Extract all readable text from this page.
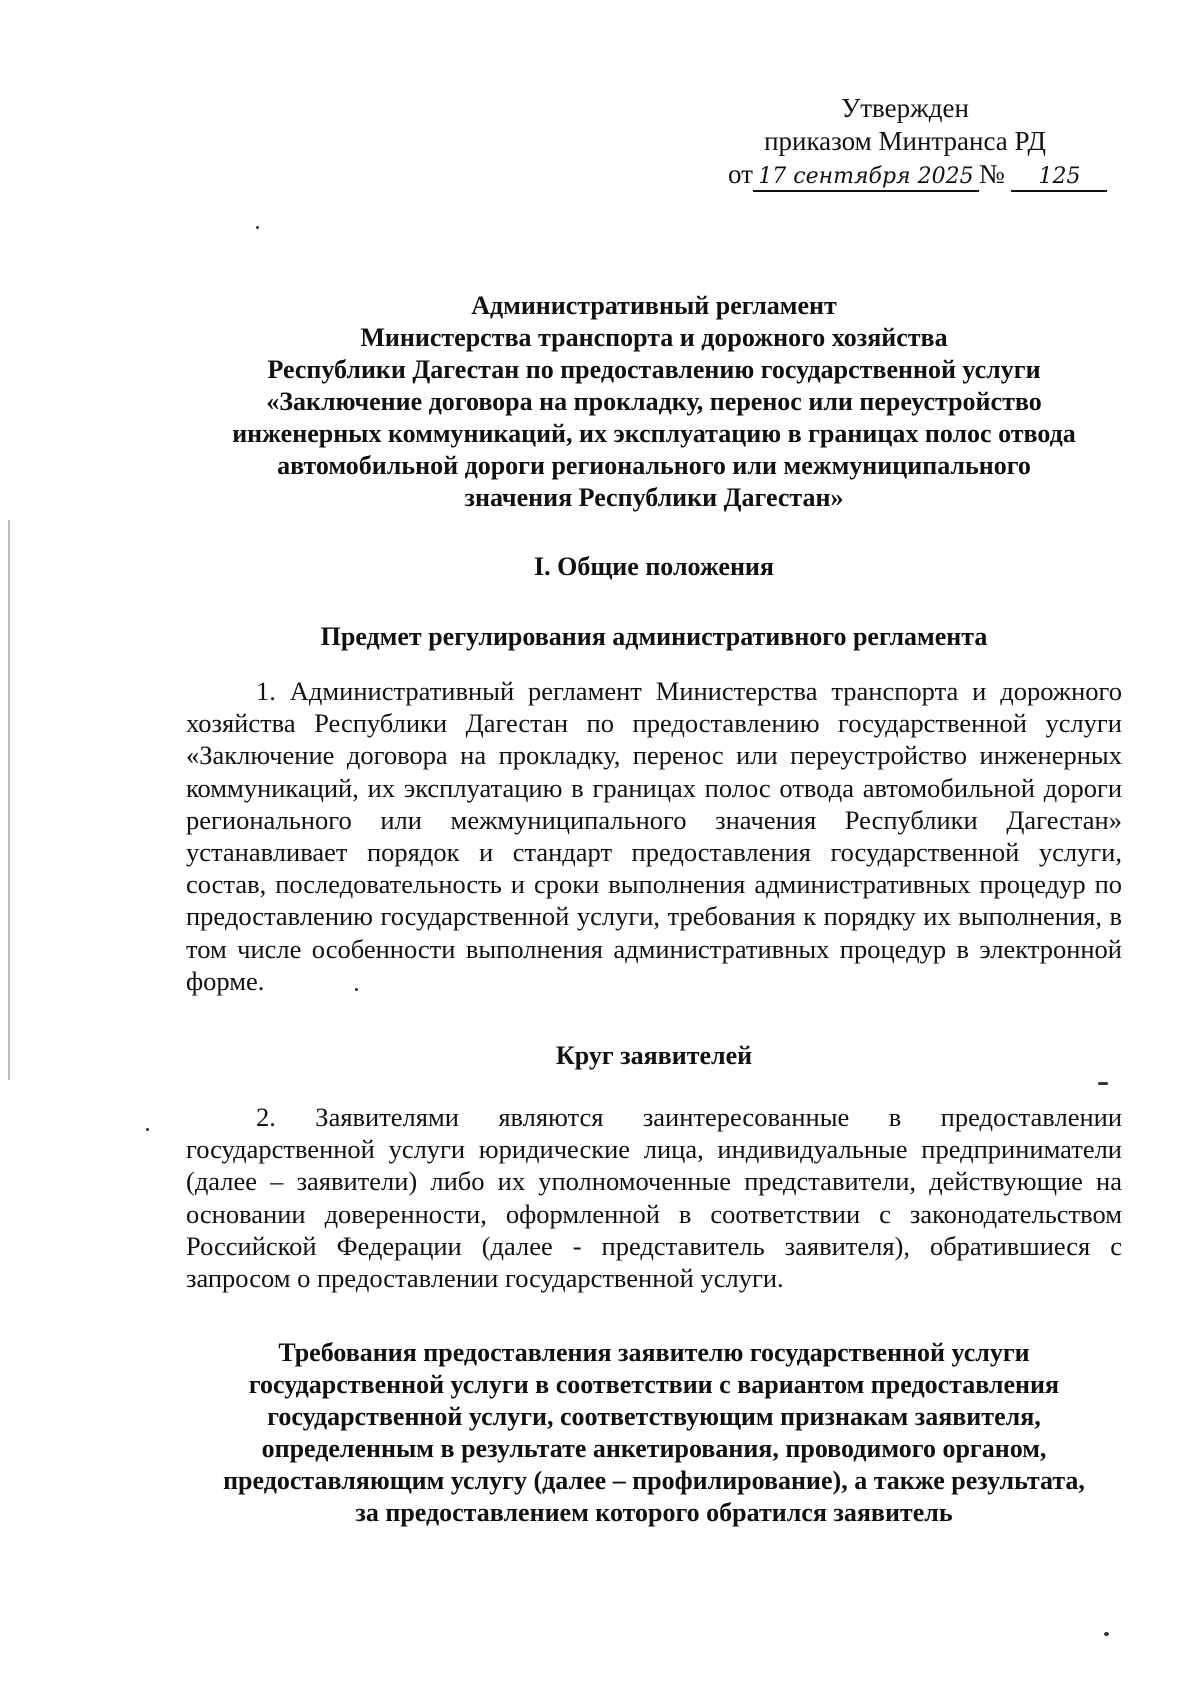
Утвержден
приказом Минтранса РД
от 17 сентября 2025 № 125
Административный регламент
Министерства транспорта и дорожного хозяйства
Республики Дагестан по предоставлению государственной услуги
«Заключение договора на прокладку, перенос или переустройство
инженерных коммуникаций, их эксплуатацию в границах полос отвода
автомобильной дороги регионального или межмуниципального
значения Республики Дагестан»
I. Общие положения
Предмет регулирования административного регламента

1. Административный регламент Министерства транспорта и дорожного хозяйства Республики Дагестан по предоставлению государственной услуги «Заключение договора на прокладку, перенос или переустройство инженерных коммуникаций, их эксплуатацию в границах полос отвода автомобильной дороги регионального или межмуниципального значения Республики Дагестан» устанавливает порядок и стандарт предоставления государственной услуги, состав, последовательность и сроки выполнения административных процедур по предоставлению государственной услуги, требования к порядку их выполнения, в том числе особенности выполнения административных процедур в электронной форме.

Круг заявителей

2. Заявителями являются заинтересованные в предоставлении государственной услуги юридические лица, индивидуальные предприниматели (далее – заявители) либо их уполномоченные представители, действующие на основании доверенности, оформленной в соответствии с законодательством Российской Федерации (далее - представитель заявителя), обратившиеся с запросом о предоставлении государственной услуги.

Требования предоставления заявителю государственной услуги
государственной услуги в соответствии с вариантом предоставления
государственной услуги, соответствующим признакам заявителя,
определенным в результате анкетирования, проводимого органом,
предоставляющим услугу (далее – профилирование), а также результата,
за предоставлением которого обратился заявитель
